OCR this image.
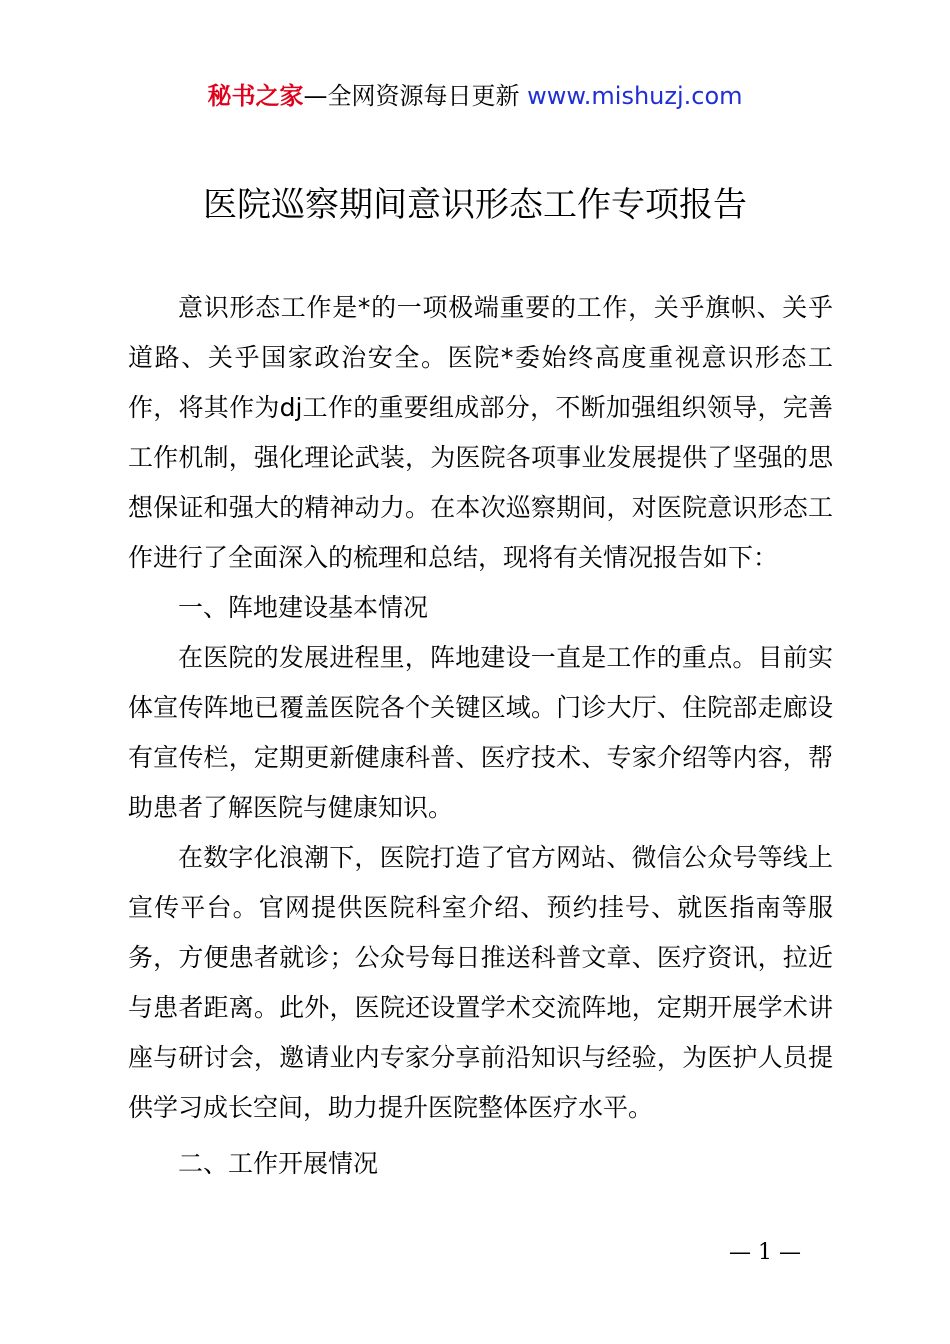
秘书之家—全网资源每日更新 www.mishuzj.com
医院巡察期间意识形态工作专项报告

意识形态工作是*的一项极端重要的工作，关乎旗帜、关乎道路、关乎国家政治安全。医院*委始终高度重视意识形态工作，将其作为dj工作的重要组成部分，不断加强组织领导，完善工作机制，强化理论武装，为医院各项事业发展提供了坚强的思想保证和强大的精神动力。在本次巡察期间，对医院意识形态工作进行了全面深入的梳理和总结，现将有关情况报告如下：

一、阵地建设基本情况

在医院的发展进程里，阵地建设一直是工作的重点。目前实体宣传阵地已覆盖医院各个关键区域。门诊大厅、住院部走廊设有宣传栏，定期更新健康科普、医疗技术、专家介绍等内容，帮助患者了解医院与健康知识。

在数字化浪潮下，医院打造了官方网站、微信公众号等线上宣传平台。官网提供医院科室介绍、预约挂号、就医指南等服务，方便患者就诊；公众号每日推送科普文章、医疗资讯，拉近与患者距离。此外，医院还设置学术交流阵地，定期开展学术讲座与研讨会，邀请业内专家分享前沿知识与经验，为医护人员提供学习成长空间，助力提升医院整体医疗水平。

二、工作开展情况

— 1 —
